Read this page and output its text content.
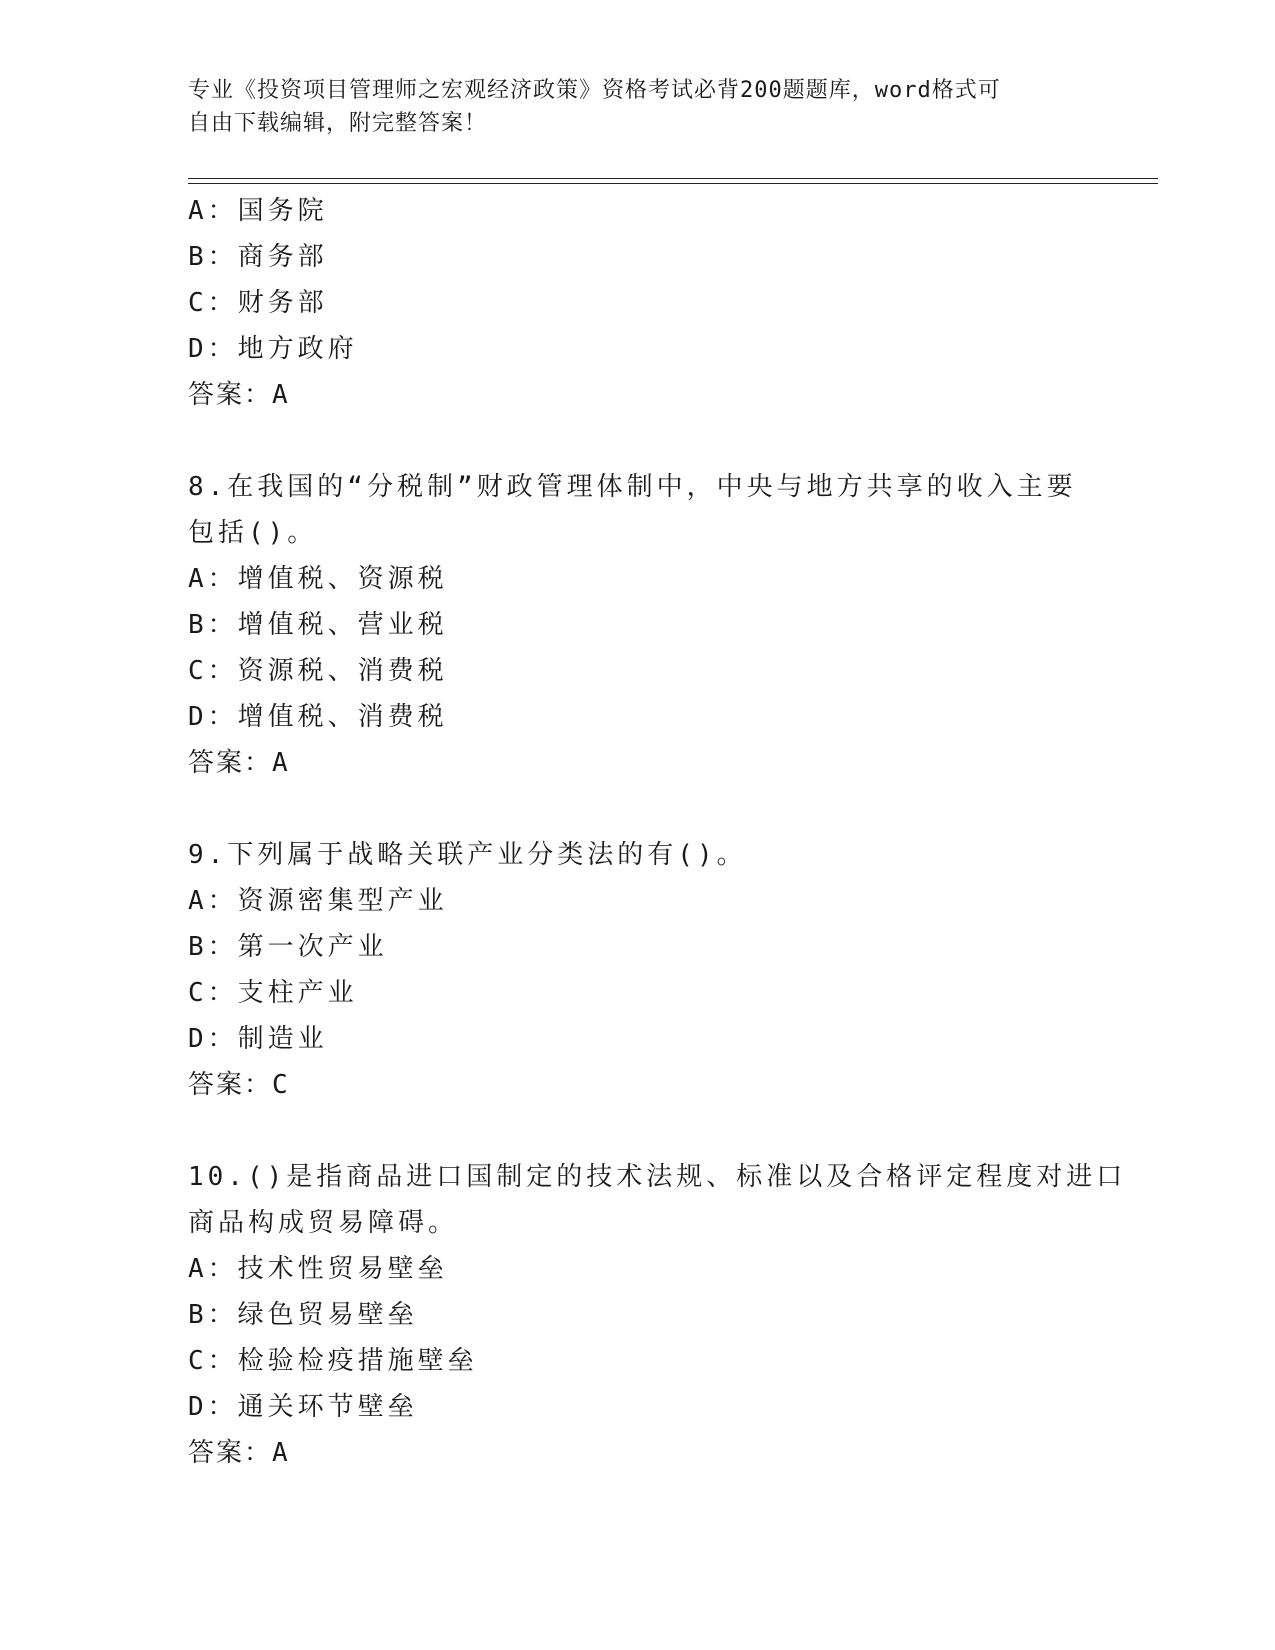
专业《投资项目管理师之宏观经济政策》资格考试必背200题题库，word格式可
自由下载编辑，附完整答案！
A：国务院
B：商务部
C：财务部
D：地方政府
答案：A
8.在我国的“分税制”财政管理体制中，中央与地方共享的收入主要
包括()。
A：增值税、资源税
B：增值税、营业税
C：资源税、消费税
D：增值税、消费税
答案：A
9.下列属于战略关联产业分类法的有()。
A：资源密集型产业
B：第一次产业
C：支柱产业
D：制造业
答案：C
10.()是指商品进口国制定的技术法规、标准以及合格评定程度对进口
商品构成贸易障碍。
A：技术性贸易壁垒
B：绿色贸易壁垒
C：检验检疫措施壁垒
D：通关环节壁垒
答案：A
